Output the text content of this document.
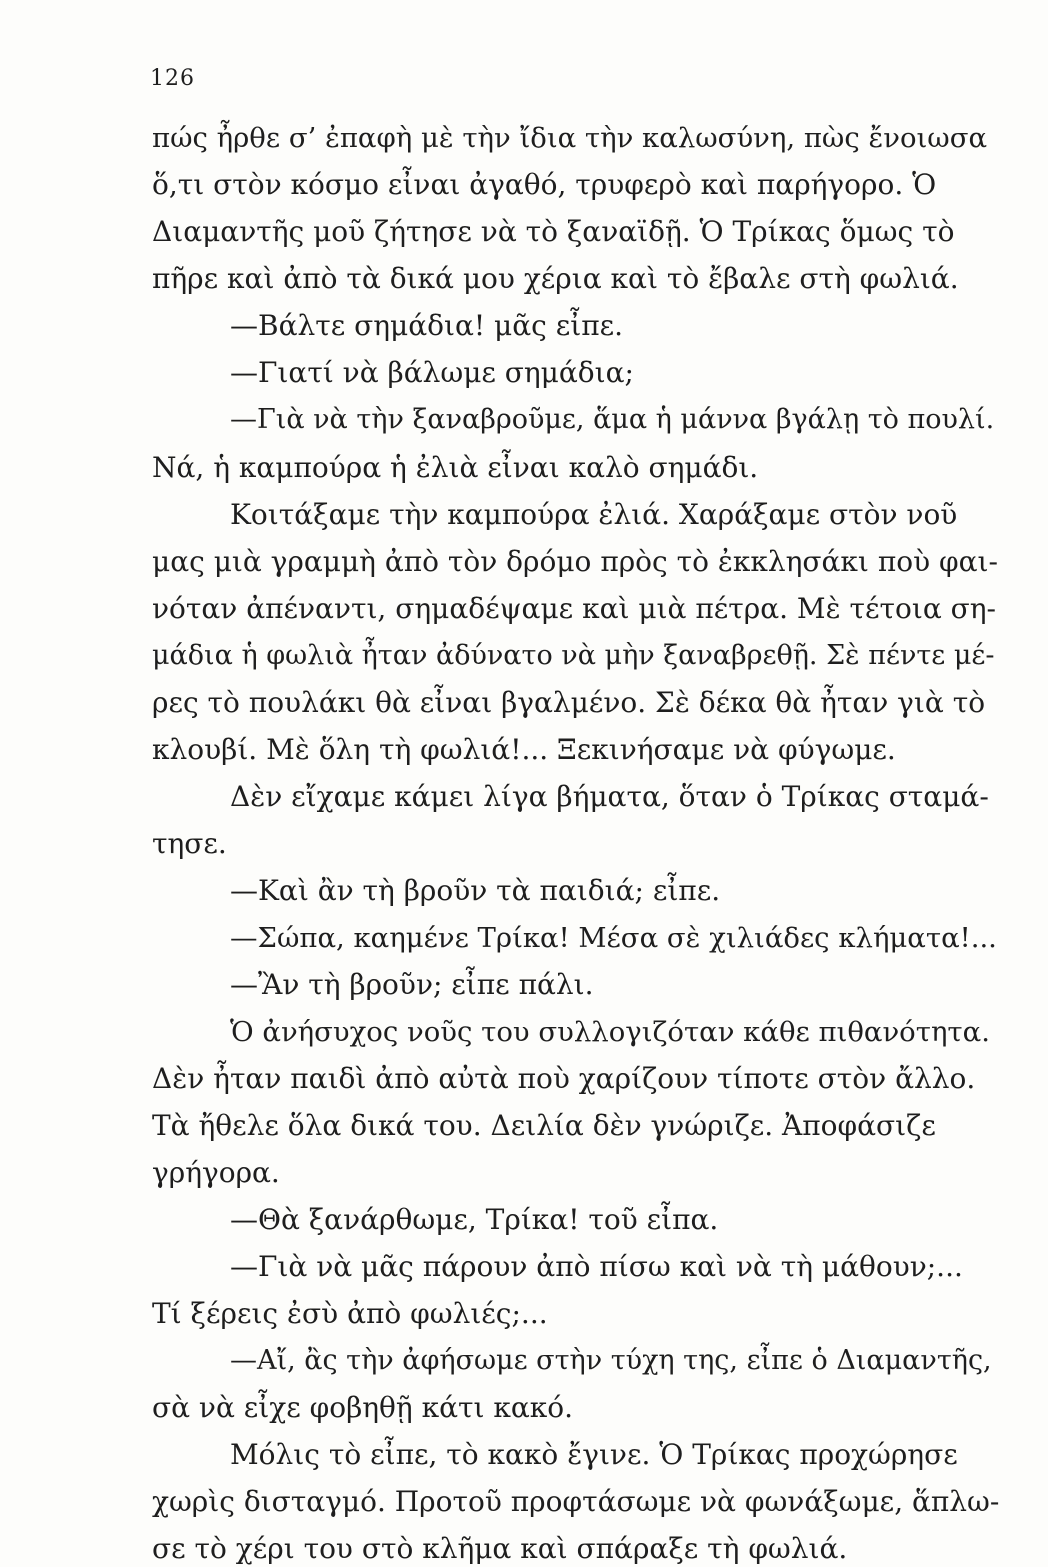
126
πώς ἦρθε σ’ ἐπαφὴ μὲ τὴν ἴδια τὴν καλωσύνη, πὼς ἔνοιωσα
ὅ,τι στὸν κόσμο εἶναι ἀγαθό, τρυφερὸ καὶ παρήγορο. Ὁ
Διαμαντῆς μοῦ ζήτησε νὰ τὸ ξαναϊδῇ. Ὁ Τρίκας ὅμως τὸ
πῆρε καὶ ἀπὸ τὰ δικά μου χέρια καὶ τὸ ἔβαλε στὴ φωλιά.
—Βάλτε σημάδια! μᾶς εἶπε.
—Γιατί νὰ βάλωμε σημάδια;
—Γιὰ νὰ τὴν ξαναβροῦμε, ἅμα ἡ μάννα βγάλῃ τὸ πουλί.
Νά, ἡ καμπούρα ἡ ἐλιὰ εἶναι καλὸ σημάδι.
Κοιτάξαμε τὴν καμπούρα ἐλιά. Χαράξαμε στὸν νοῦ
μας μιὰ γραμμὴ ἀπὸ τὸν δρόμο πρὸς τὸ ἐκκλησάκι ποὺ φαι-
νόταν ἀπέναντι, σημαδέψαμε καὶ μιὰ πέτρα. Μὲ τέτοια ση-
μάδια ἡ φωλιὰ ἦταν ἀδύνατο νὰ μὴν ξαναβρεθῇ. Σὲ πέντε μέ-
ρες τὸ πουλάκι θὰ εἶναι βγαλμένο. Σὲ δέκα θὰ ἦταν γιὰ τὸ
κλουβί. Μὲ ὅλη τὴ φωλιά!... Ξεκινήσαμε νὰ φύγωμε.
Δὲν εἴχαμε κάμει λίγα βήματα, ὅταν ὁ Τρίκας σταμά-
τησε.
—Καὶ ἂν τὴ βροῦν τὰ παιδιά; εἶπε.
—Σώπα, καημένε Τρίκα! Μέσα σὲ χιλιάδες κλήματα!...
—Ἂν τὴ βροῦν; εἶπε πάλι.
Ὁ ἀνήσυχος νοῦς του συλλογιζόταν κάθε πιθανότητα.
Δὲν ἦταν παιδὶ ἀπὸ αὐτὰ ποὺ χαρίζουν τίποτε στὸν ἄλλο.
Τὰ ἤθελε ὅλα δικά του. Δειλία δὲν γνώριζε. Ἀποφάσιζε
γρήγορα.
—Θὰ ξανάρθωμε, Τρίκα! τοῦ εἶπα.
—Γιὰ νὰ μᾶς πάρουν ἀπὸ πίσω καὶ νὰ τὴ μάθουν;...
Τί ξέρεις ἐσὺ ἀπὸ φωλιές;...
—Αἴ, ἂς τὴν ἀφήσωμε στὴν τύχη της, εἶπε ὁ Διαμαντῆς,
σὰ νὰ εἶχε φοβηθῇ κάτι κακό.
Μόλις τὸ εἶπε, τὸ κακὸ ἔγινε. Ὁ Τρίκας προχώρησε
χωρὶς δισταγμό. Προτοῦ προφτάσωμε νὰ φωνάξωμε, ἅπλω-
σε τὸ χέρι του στὸ κλῆμα καὶ σπάραξε τὴ φωλιά.
